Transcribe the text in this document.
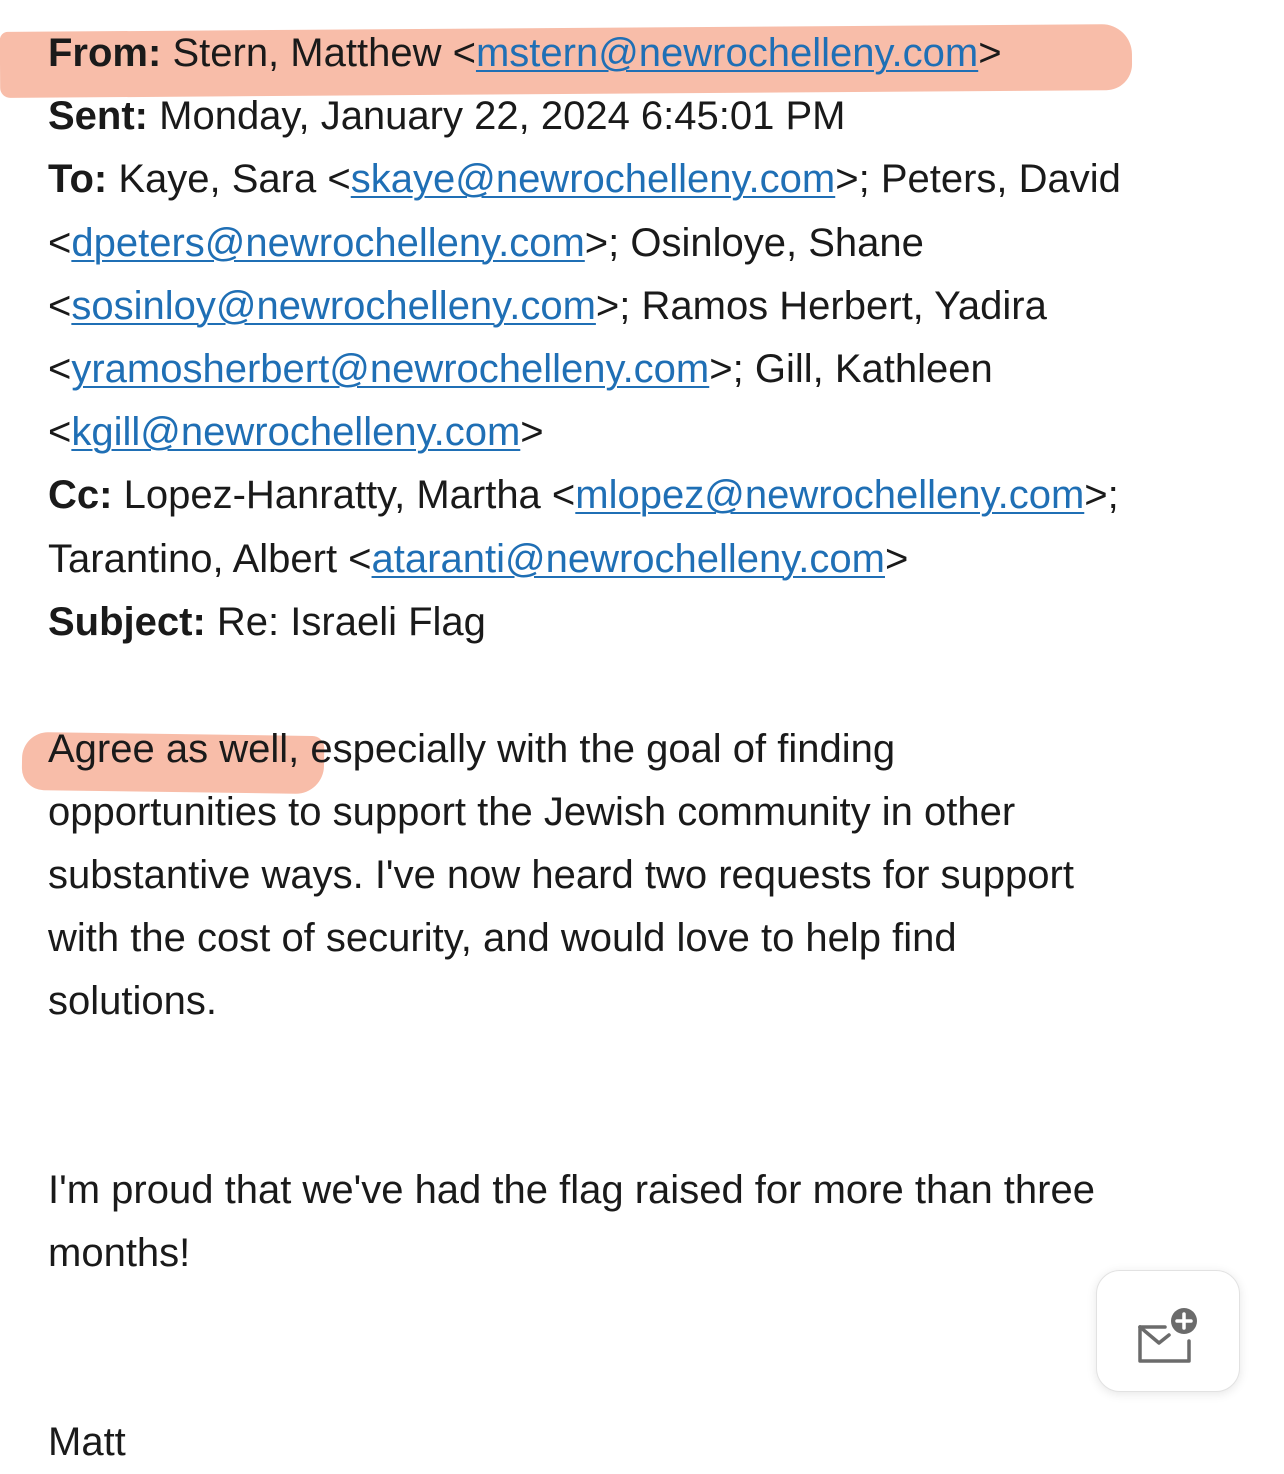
From: Stern, Matthew <mstern@newrochelleny.com>
Sent: Monday, January 22, 2024 6:45:01 PM
To: Kaye, Sara <skaye@newrochelleny.com>; Peters, David
<dpeters@newrochelleny.com>; Osinloye, Shane
<sosinloy@newrochelleny.com>; Ramos Herbert, Yadira
<yramosherbert@newrochelleny.com>; Gill, Kathleen
<kgill@newrochelleny.com>
Cc: Lopez-Hanratty, Martha <mlopez@newrochelleny.com>;
Tarantino, Albert <ataranti@newrochelleny.com>
Subject: Re: Israeli Flag
Agree as well, especially with the goal of finding
opportunities to support the Jewish community in other
substantive ways. I've now heard two requests for support
with the cost of security, and would love to help find
solutions.
I'm proud that we've had the flag raised for more than three
months!
Matt
